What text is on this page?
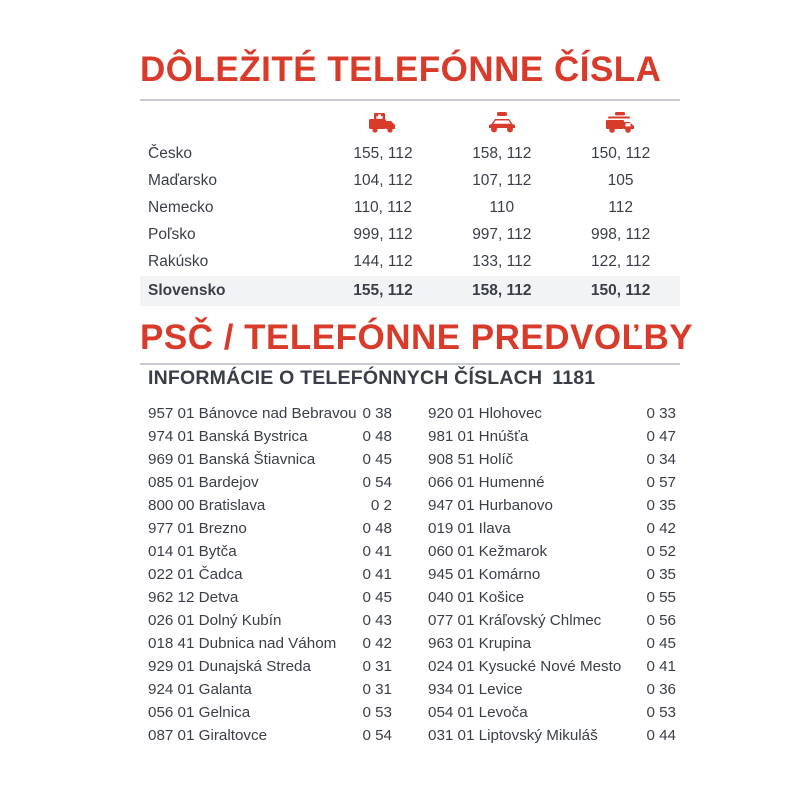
DÔLEŽITÉ TELEFÓNNE ČÍSLA

Česko	155, 112	158, 112	150, 112
Maďarsko	104, 112	107, 112	105
Nemecko	110, 112	110	112
Poľsko	999, 112	997, 112	998, 112
Rakúsko	144, 112	133, 112	122, 112
Slovensko	155, 112	158, 112	150, 112
PSČ / TELEFÓNNE PREDVOĽBY
INFORMÁCIE O TELEFÓNNYCH ČÍSLACH 1181
957 01 Bánovce nad Bebravou	0 38
974 01 Banská Bystrica	0 48
969 01 Banská Štiavnica	0 45
085 01 Bardejov	0 54
800 00 Bratislava	0 2
977 01 Brezno	0 48
014 01 Bytča	0 41
022 01 Čadca	0 41
962 12 Detva	0 45
026 01 Dolný Kubín	0 43
018 41 Dubnica nad Váhom	0 42
929 01 Dunajská Streda	0 31
924 01 Galanta	0 31
056 01 Gelnica	0 53
087 01 Giraltovce	0 54
920 01 Hlohovec	0 33
981 01 Hnúšťa	0 47
908 51 Holíč	0 34
066 01 Humenné	0 57
947 01 Hurbanovo	0 35
019 01 Ilava	0 42
060 01 Kežmarok	0 52
945 01 Komárno	0 35
040 01 Košice	0 55
077 01 Kráľovský Chlmec	0 56
963 01 Krupina	0 45
024 01 Kysucké Nové Mesto	0 41
934 01 Levice	0 36
054 01 Levoča	0 53
031 01 Liptovský Mikuláš	0 44
